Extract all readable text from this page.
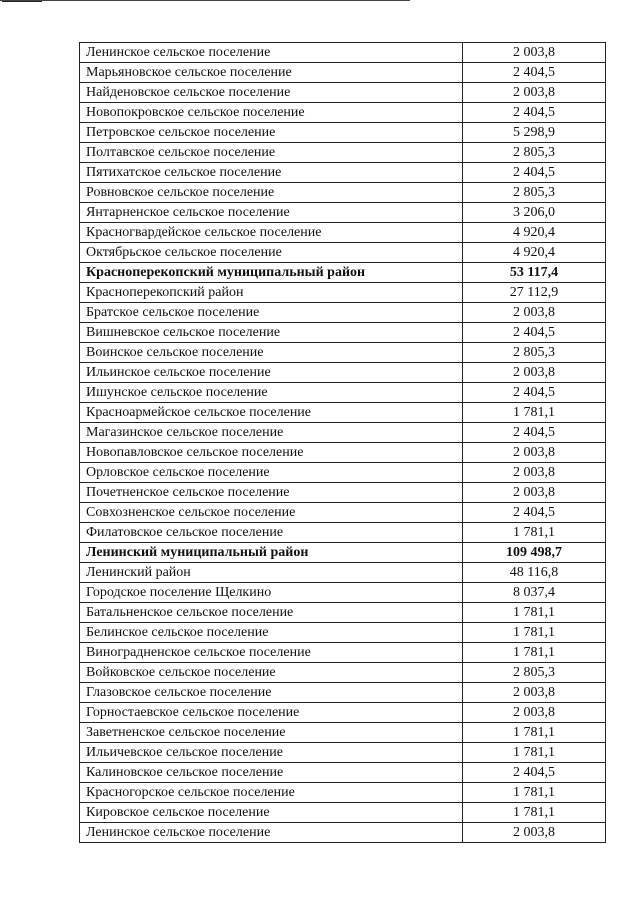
Ленинское сельское поселение	2 003,8
Марьяновское сельское поселение	2 404,5
Найденовское сельское поселение	2 003,8
Новопокровское сельское поселение	2 404,5
Петровское сельское поселение	5 298,9
Полтавское сельское поселение	2 805,3
Пятихатское сельское поселение	2 404,5
Ровновское сельское поселение	2 805,3
Янтарненское сельское поселение	3 206,0
Красногвардейское сельское поселение	4 920,4
Октябрьское сельское поселение	4 920,4
Красноперекопский муниципальный район	53 117,4
Красноперекопский район	27 112,9
Братское сельское поселение	2 003,8
Вишневское сельское поселение	2 404,5
Воинское сельское поселение	2 805,3
Ильинское сельское поселение	2 003,8
Ишунское сельское поселение	2 404,5
Красноармейское сельское поселение	1 781,1
Магазинское сельское поселение	2 404,5
Новопавловское сельское поселение	2 003,8
Орловское сельское поселение	2 003,8
Почетненское сельское поселение	2 003,8
Совхозненское сельское поселение	2 404,5
Филатовское сельское поселение	1 781,1
Ленинский муниципальный район	109 498,7
Ленинский район	48 116,8
Городское поселение Щелкино	8 037,4
Батальненское сельское поселение	1 781,1
Белинское сельское поселение	1 781,1
Виноградненское сельское поселение	1 781,1
Войковское сельское поселение	2 805,3
Глазовское сельское поселение	2 003,8
Горностаевское сельское поселение	2 003,8
Заветненское сельское поселение	1 781,1
Ильичевское сельское поселение	1 781,1
Калиновское сельское поселение	2 404,5
Красногорское сельское поселение	1 781,1
Кировское сельское поселение	1 781,1
Ленинское сельское поселение	2 003,8
